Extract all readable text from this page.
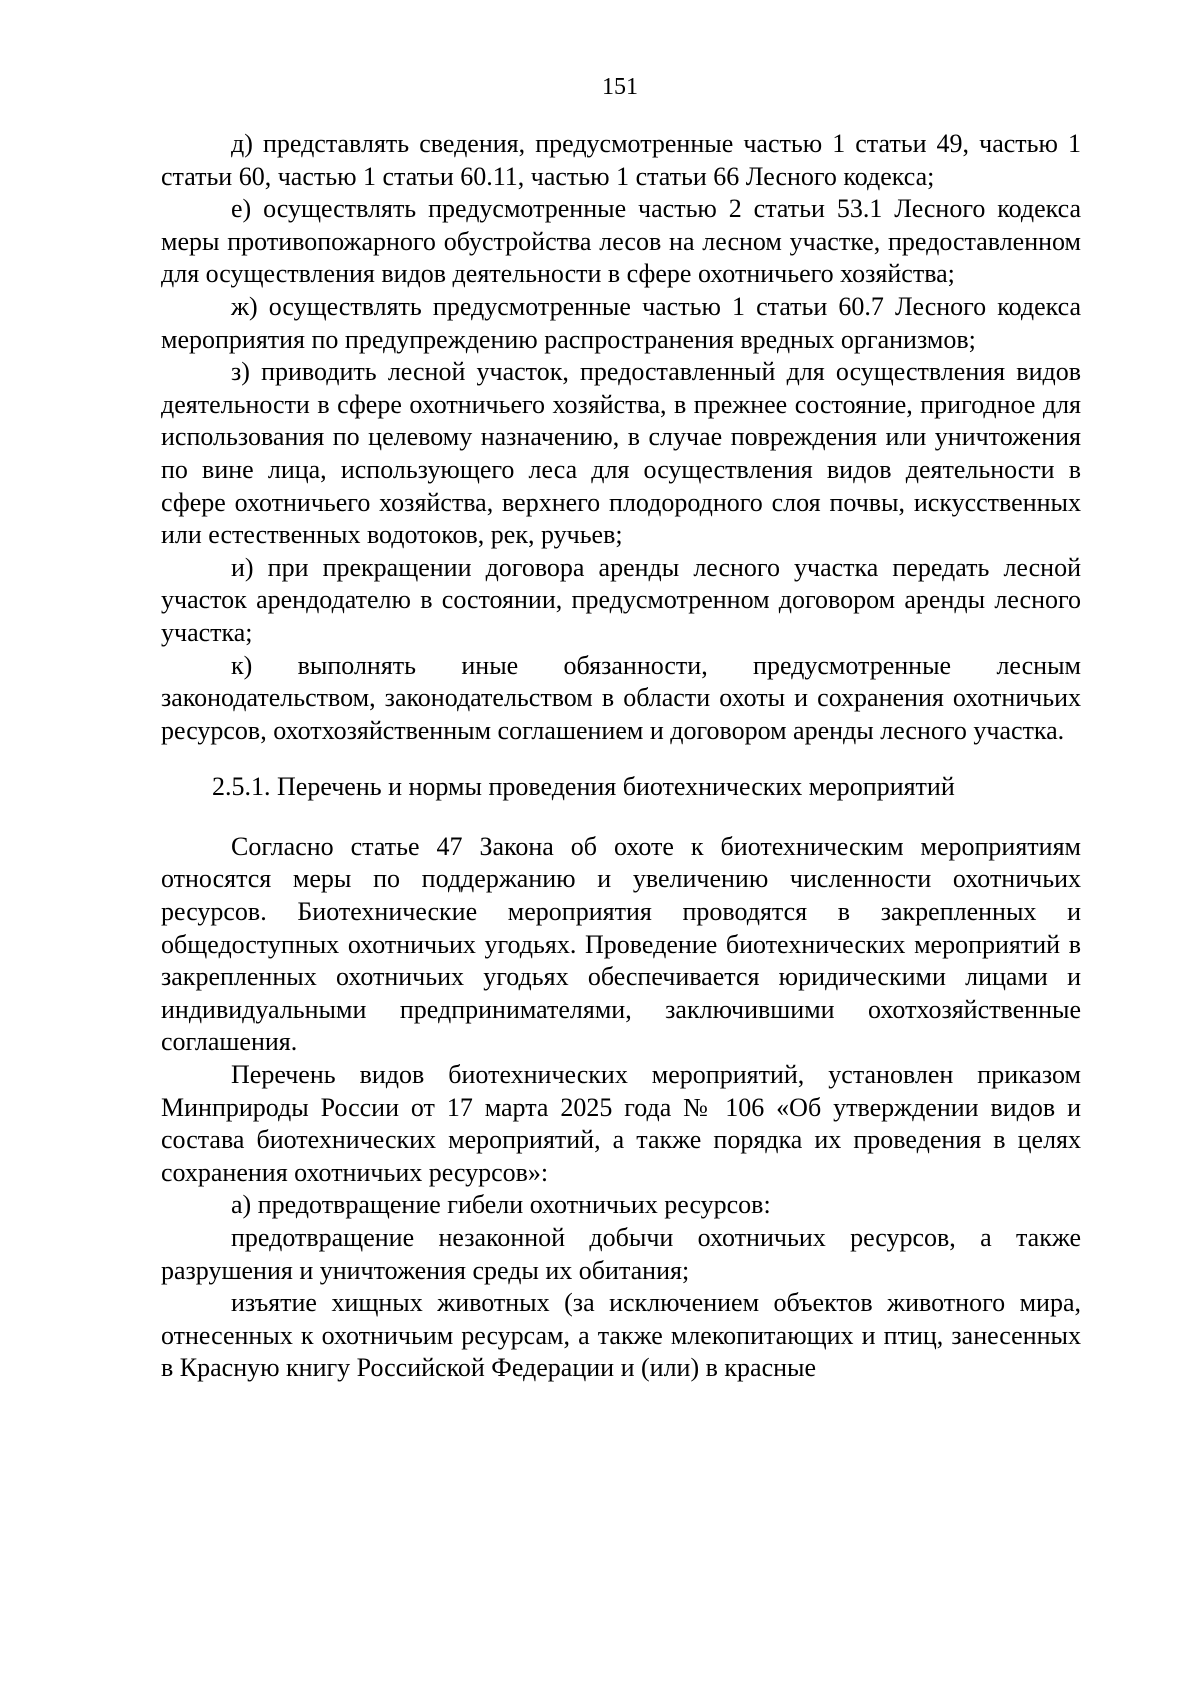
151

д) представлять сведения, предусмотренные частью 1 статьи 49, частью 1 статьи 60, частью 1 статьи 60.11, частью 1 статьи 66 Лесного кодекса;

е) осуществлять предусмотренные частью 2 статьи 53.1 Лесного кодекса меры противопожарного обустройства лесов на лесном участке, предоставленном для осуществления видов деятельности в сфере охотничьего хозяйства;

ж) осуществлять предусмотренные частью 1 статьи 60.7 Лесного кодекса мероприятия по предупреждению распространения вредных организмов;

з) приводить лесной участок, предоставленный для осуществления видов деятельности в сфере охотничьего хозяйства, в прежнее состояние, пригодное для использования по целевому назначению, в случае повреждения или уничтожения по вине лица, использующего леса для осуществления видов деятельности в сфере охотничьего хозяйства, верхнего плодородного слоя почвы, искусственных или естественных водотоков, рек, ручьев;

и) при прекращении договора аренды лесного участка передать лесной участок арендодателю в состоянии, предусмотренном договором аренды лесного участка;

к) выполнять иные обязанности, предусмотренные лесным законодательством, законодательством в области охоты и сохранения охотничьих ресурсов, охотхозяйственным соглашением и договором аренды лесного участка.

2.5.1. Перечень и нормы проведения биотехнических мероприятий

Согласно статье 47 Закона об охоте к биотехническим мероприятиям относятся меры по поддержанию и увеличению численности охотничьих ресурсов. Биотехнические мероприятия проводятся в закрепленных и общедоступных охотничьих угодьях. Проведение биотехнических мероприятий в закрепленных охотничьих угодьях обеспечивается юридическими лицами и индивидуальными предпринимателями, заключившими охотхозяйственные соглашения.

Перечень видов биотехнических мероприятий, установлен приказом Минприроды России от 17 марта 2025 года № 106 «Об утверждении видов и состава биотехнических мероприятий, а также порядка их проведения в целях сохранения охотничьих ресурсов»:

а) предотвращение гибели охотничьих ресурсов:

предотвращение незаконной добычи охотничьих ресурсов, а также разрушения и уничтожения среды их обитания;

изъятие хищных животных (за исключением объектов животного мира, отнесенных к охотничьим ресурсам, а также млекопитающих и птиц, занесенных в Красную книгу Российской Федерации и (или) в красные
